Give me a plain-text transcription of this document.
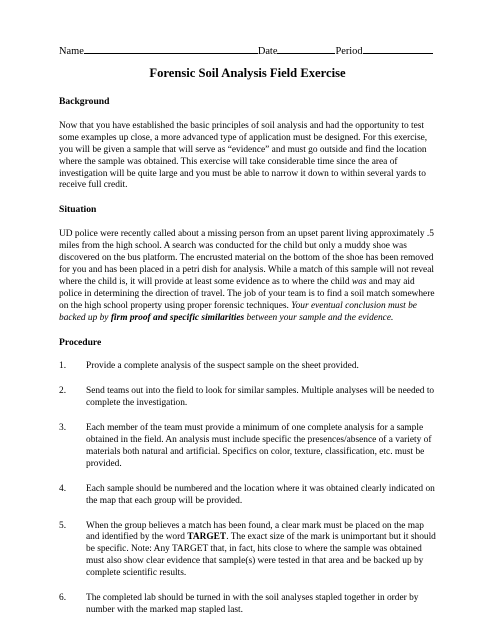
Name	Date	Period
Forensic Soil Analysis Field Exercise
Background

Now that you have established the basic principles of soil analysis and had the opportunity to test some examples up close, a more advanced type of application must be designed. For this exercise, you will be given a sample that will serve as “evidence” and must go outside and find the location where the sample was obtained. This exercise will take considerable time since the area of investigation will be quite large and you must be able to narrow it down to within several yards to receive full credit.

Situation

UD police were recently called about a missing person from an upset parent living approximately .5 miles from the high school. A search was conducted for the child but only a muddy shoe was discovered on the bus platform. The encrusted material on the bottom of the shoe has been removed for you and has been placed in a petri dish for analysis. While a match of this sample will not reveal where the child is, it will provide at least some evidence as to where the child was and may aid police in determining the direction of travel. The job of your team is to find a soil match somewhere on the high school property using proper forensic techniques. Your eventual conclusion must be backed up by firm proof and specific similarities between your sample and the evidence.

Procedure
1.	Provide a complete analysis of the suspect sample on the sheet provided.
2.	Send teams out into the field to look for similar samples. Multiple analyses will be needed to complete the investigation.
3.	Each member of the team must provide a minimum of one complete analysis for a sample obtained in the field. An analysis must include specific the presences/absence of a variety of materials both natural and artificial. Specifics on color, texture, classification, etc. must be provided.
4.	Each sample should be numbered and the location where it was obtained clearly indicated on the map that each group will be provided.
5.	When the group believes a match has been found, a clear mark must be placed on the map and identified by the word TARGET. The exact size of the mark is unimportant but it should be specific. Note: Any TARGET that, in fact, hits close to where the sample was obtained must also show clear evidence that sample(s) were tested in that area and be backed up by complete scientific results.
6.	The completed lab should be turned in with the soil analyses stapled together in order by number with the marked map stapled last.
